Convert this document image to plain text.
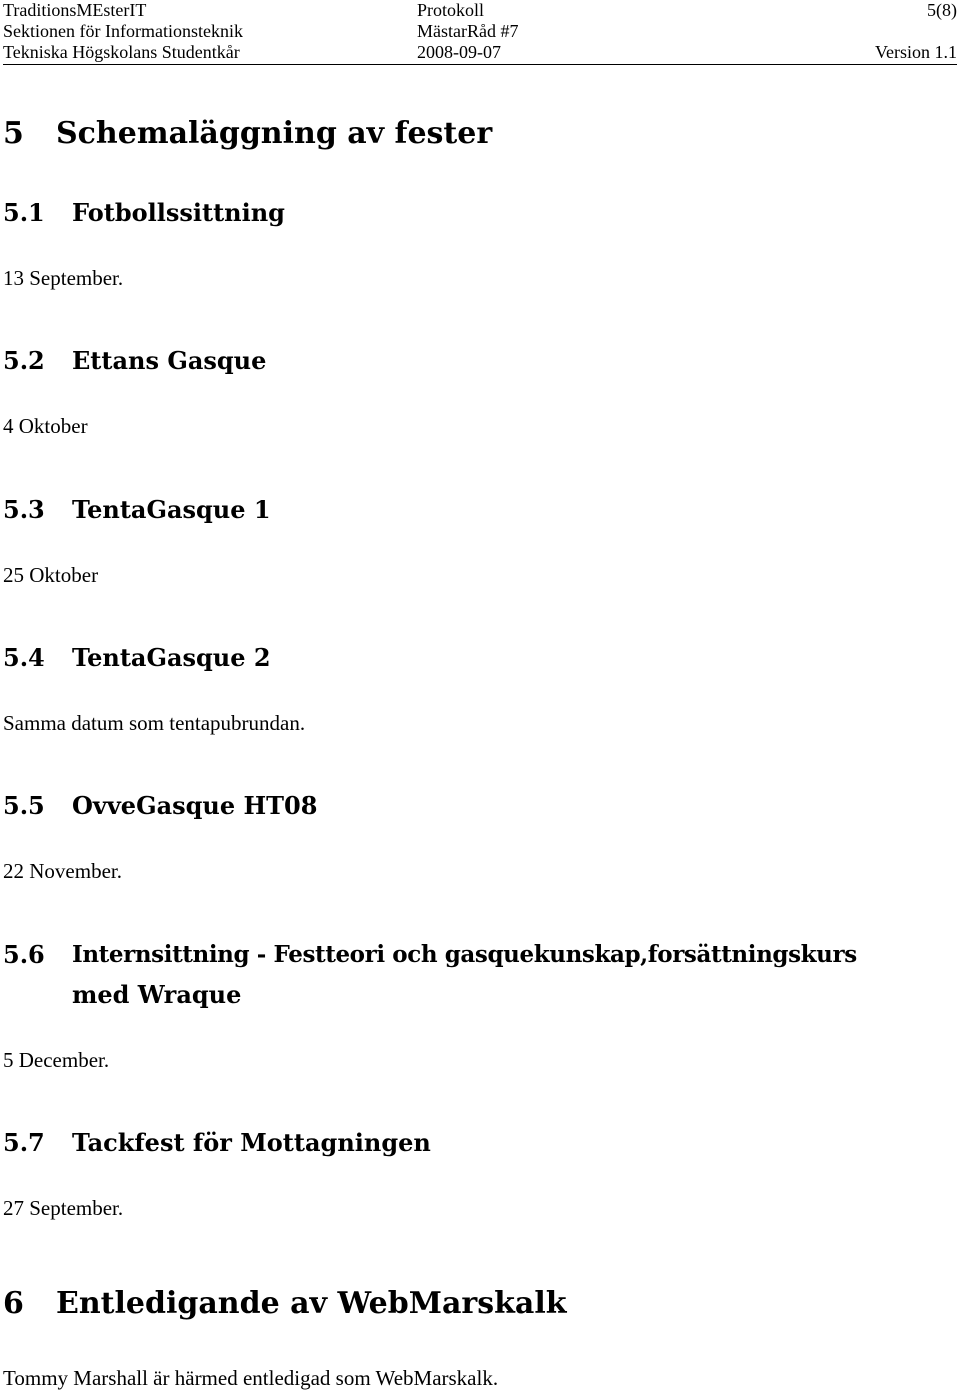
TraditionsMEsterIT	Protokoll	5(8)
Sektionen för Informationsteknik	MästarRåd #7
Tekniska Högskolans Studentkår	2008-09-07	Version 1.1
5 Schemaläggning av fester
5.1 Fotbollssittning
13 September.
5.2 Ettans Gasque
4 Oktober
5.3 TentaGasque 1
25 Oktober
5.4 TentaGasque 2
Samma datum som tentapubrundan.
5.5 OvveGasque HT08
22 November.
5.6 Internsittning - Festteori och gasquekunskap,forsättningskurs
med Wraque
5 December.
5.7 Tackfest för Mottagningen
27 September.
6 Entledigande av WebMarskalk
Tommy Marshall är härmed entledigad som WebMarskalk.
